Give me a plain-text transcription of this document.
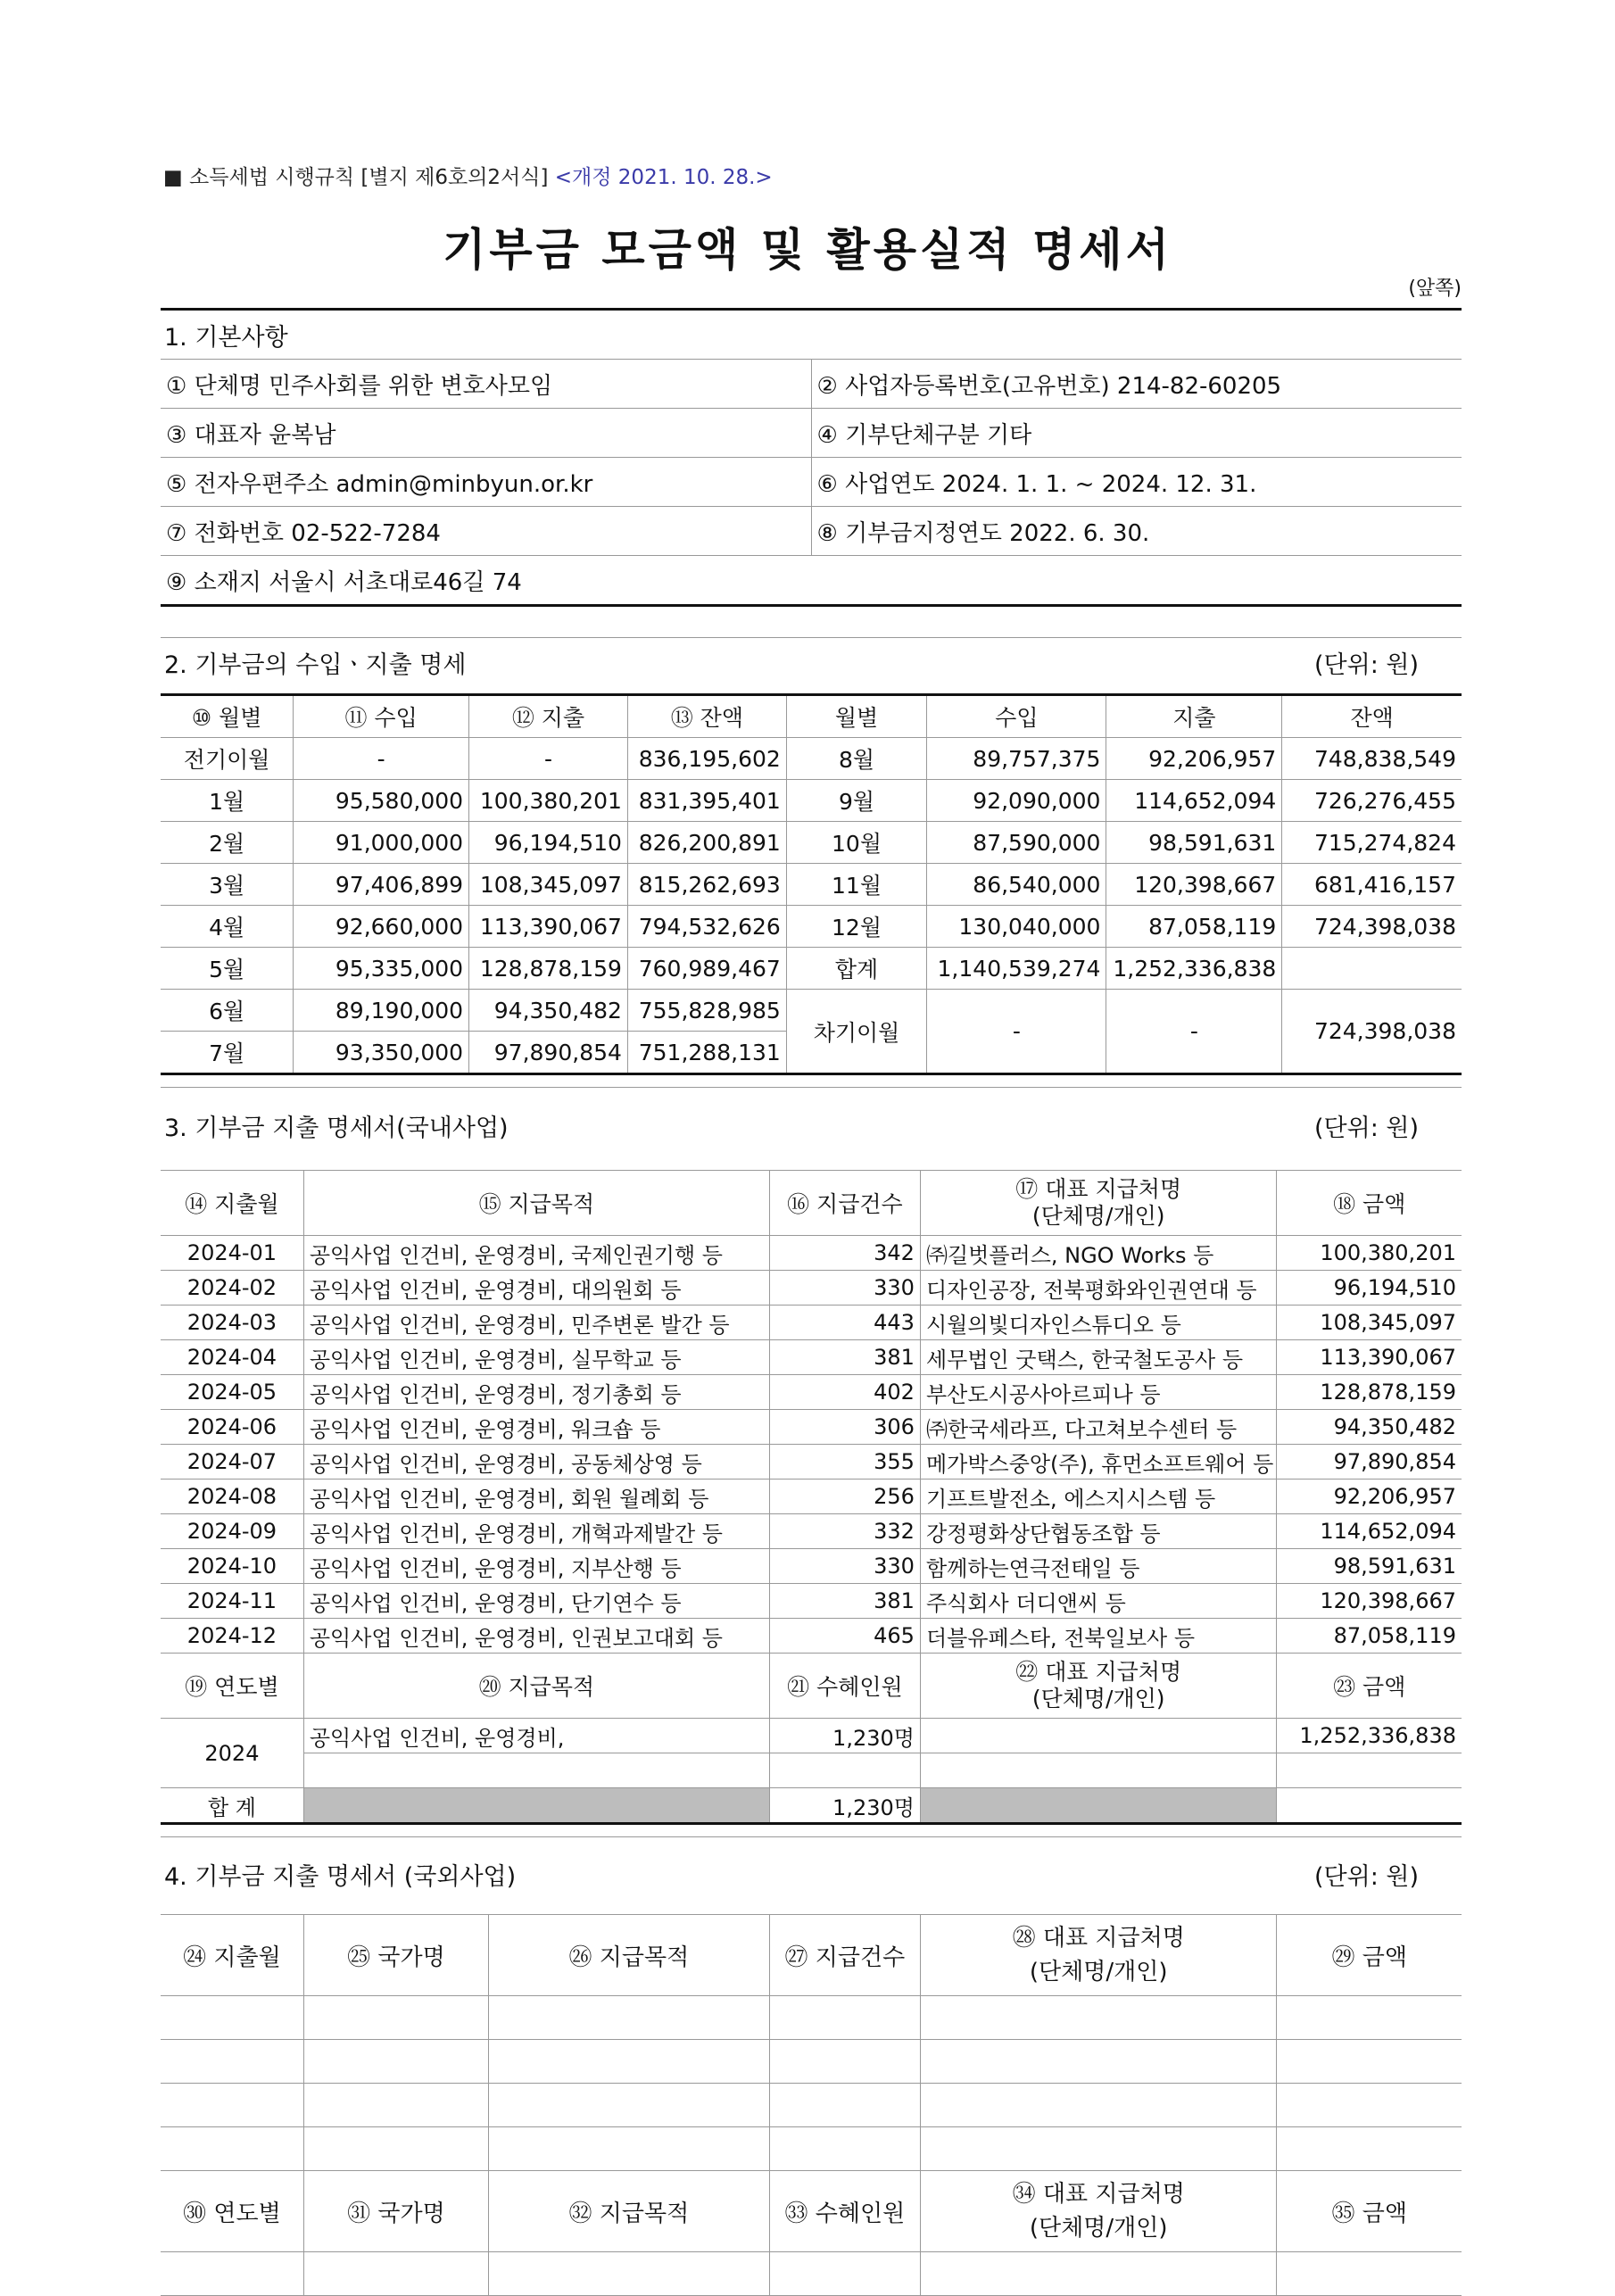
■ 소득세법 시행규칙 [별지 제6호의2서식] <개정 2021. 10. 28.>
기부금 모금액 및 활용실적 명세서
(앞쪽)
1. 기본사항
① 단체명 민주사회를 위한 변호사모임	② 사업자등록번호(고유번호) 214-82-60205
③ 대표자 윤복남	④ 기부단체구분 기타
⑤ 전자우편주소 admin@minbyun.or.kr	⑥ 사업연도 2024. 1. 1. ~ 2024. 12. 31.
⑦ 전화번호 02-522-7284	⑧ 기부금지정연도 2022. 6. 30.
⑨ 소재지 서울시 서초대로46길 74	
2. 기부금의 수입ㆍ지출 명세	(단위: 원)
⑩ 월별	⑪ 수입	⑫ 지출	⑬ 잔액	월별	수입	지출	잔액
전기이월	-	-	836,195,602	8월	89,757,375	92,206,957	748,838,549
1월	95,580,000	100,380,201	831,395,401	9월	92,090,000	114,652,094	726,276,455
2월	91,000,000	96,194,510	826,200,891	10월	87,590,000	98,591,631	715,274,824
3월	97,406,899	108,345,097	815,262,693	11월	86,540,000	120,398,667	681,416,157
4월	92,660,000	113,390,067	794,532,626	12월	130,040,000	87,058,119	724,398,038
5월	95,335,000	128,878,159	760,989,467	합계	1,140,539,274	1,252,336,838	
6월	89,190,000	94,350,482	755,828,985	차기이월	-	-	724,398,038
7월	93,350,000	97,890,854	751,288,131				
3. 기부금 지출 명세서(국내사업)	(단위: 원)
⑭ 지출월	⑮ 지급목적	⑯ 지급건수	⑰ 대표 지급처명
(단체명/개인)	⑱ 금액
2024-01	공익사업 인건비, 운영경비, 국제인권기행 등	342	㈜길벗플러스, NGO Works 등	100,380,201
2024-02	공익사업 인건비, 운영경비, 대의원회 등	330	디자인공장, 전북평화와인권연대 등	96,194,510
2024-03	공익사업 인건비, 운영경비, 민주변론 발간 등	443	시월의빛디자인스튜디오 등	108,345,097
2024-04	공익사업 인건비, 운영경비, 실무학교 등	381	세무법인 굿택스, 한국철도공사 등	113,390,067
2024-05	공익사업 인건비, 운영경비, 정기총회 등	402	부산도시공사아르피나 등	128,878,159
2024-06	공익사업 인건비, 운영경비, 워크숍 등	306	㈜한국세라프, 다고쳐보수센터 등	94,350,482
2024-07	공익사업 인건비, 운영경비, 공동체상영 등	355	메가박스중앙(주), 휴먼소프트웨어 등	97,890,854
2024-08	공익사업 인건비, 운영경비, 회원 월례회 등	256	기프트발전소, 에스지시스템 등	92,206,957
2024-09	공익사업 인건비, 운영경비, 개혁과제발간 등	332	강정평화상단협동조합 등	114,652,094
2024-10	공익사업 인건비, 운영경비, 지부산행 등	330	함께하는연극전태일 등	98,591,631
2024-11	공익사업 인건비, 운영경비, 단기연수 등	381	주식회사 더디앤씨 등	120,398,667
2024-12	공익사업 인건비, 운영경비, 인권보고대회 등	465	더블유페스타, 전북일보사 등	87,058,119
⑲ 연도별	⑳ 지급목적	㉑ 수혜인원	㉒ 대표 지급처명
(단체명/개인)	㉓ 금액
2024	공익사업 인건비, 운영경비,	1,230명		1,252,336,838

합 계		1,230명		
4. 기부금 지출 명세서 (국외사업)	(단위: 원)
㉔ 지출월	㉕ 국가명	㉖ 지급목적	㉗ 지급건수	㉘ 대표 지급처명
(단체명/개인)	㉙ 금액

㉚ 연도별	㉛ 국가명	㉜ 지급목적	㉝ 수혜인원	㉞ 대표 지급처명
(단체명/개인)	㉟ 금액
